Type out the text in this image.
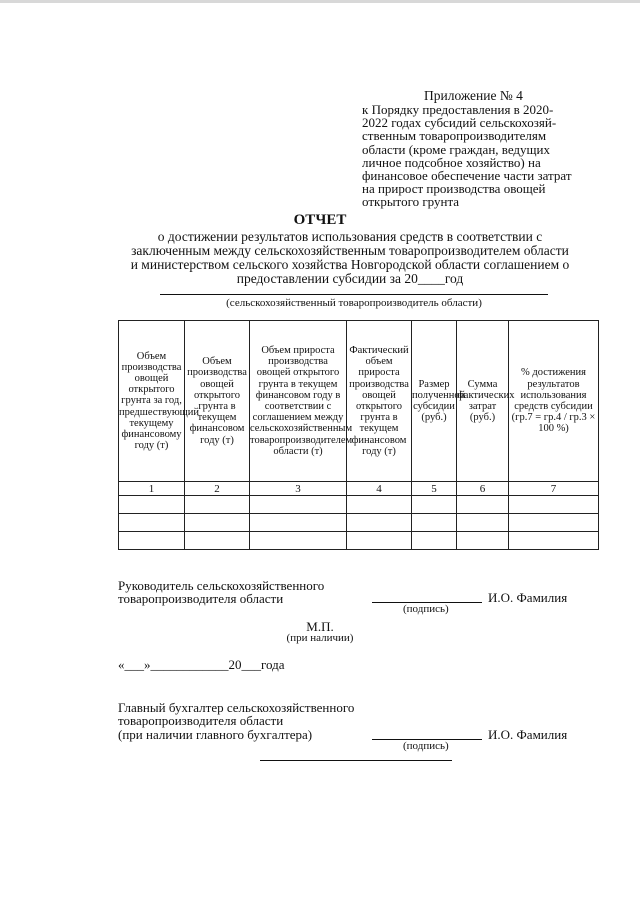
Приложение № 4
к Порядку предоставления в 2020-
2022 годах субсидий сельскохозяй-
ственным товаропроизводителям
области (кроме граждан, ведущих
личное подсобное хозяйство) на
финансовое обеспечение части затрат
на прирост производства овощей
открытого грунта
ОТЧЕТ
о достижении результатов использования средств в соответствии с
заключенным между сельскохозяйственным товаропроизводителем области
и министерством сельского хозяйства Новгородской области соглашением о
предоставлении субсидии за 20____год
(сельскохозяйственный товаропроизводитель области)
Объем производства овощей открытого грунта за год, предшествующий текущему финансовому году (т)	Объем производства овощей открытого грунта в текущем финансовом году (т)	Объем прироста производства овощей открытого грунта в текущем финансовом году в соответствии с соглашением между сельскохозяйственным товаропроизводителем области (т)	Фактический объем прироста производства овощей открытого грунта в текущем финансовом году (т)	Размер полученной субсидии (руб.)	Сумма фактических затрат (руб.)	% достижения результатов использования средств субсидии (гр.7 = гр.4 / гр.3 × 100 %)
1	2	3	4	5	6	7

Руководитель сельскохозяйственного
товаропроизводителя области	И.О. Фамилия
(подпись)
М.П.
(при наличии)
«___»____________20___года
Главный бухгалтер сельскохозяйственного
товаропроизводителя области
(при наличии главного бухгалтера)	И.О. Фамилия
(подпись)
